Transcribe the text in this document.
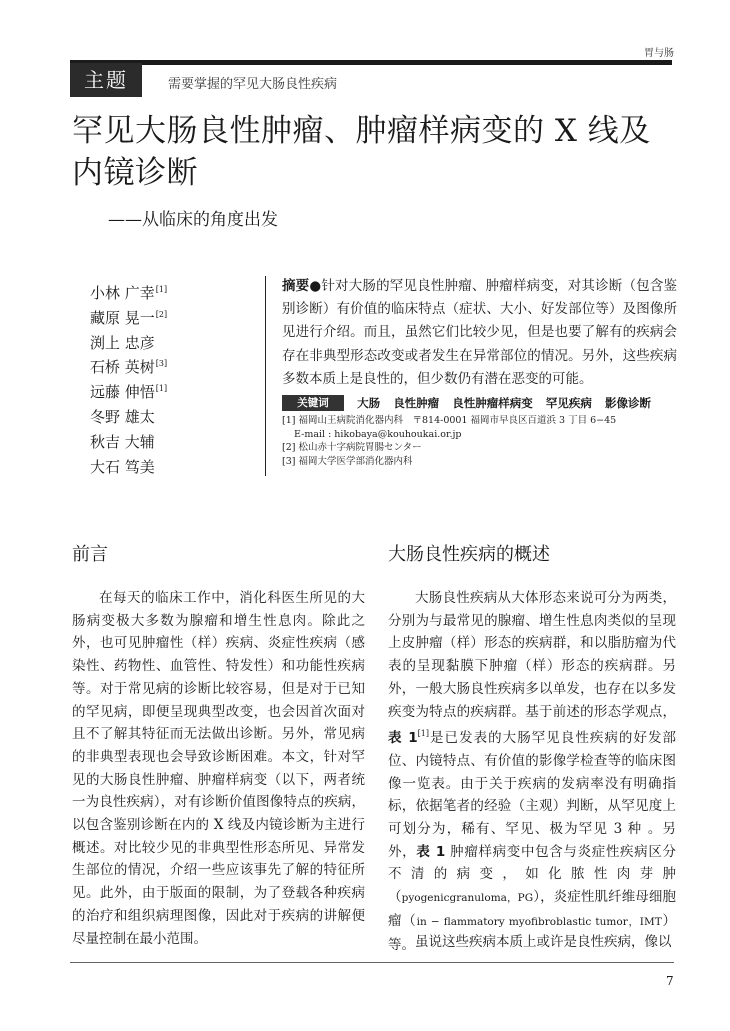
胃与肠
主题	需要掌握的罕见大肠良性疾病
罕见大肠良性肿瘤、肿瘤样病变的 X 线及内镜诊断
——从临床的角度出发
小林 广幸[1]
藏原 晃一[2]
渕上 忠彦
石桥 英树[3]
远藤 伸悟[1]
冬野 雄太
秋吉 大辅
大石 笃美

摘要●针对大肠的罕见良性肿瘤、肿瘤样病变，对其诊断（包含鉴别诊断）有价值的临床特点（症状、大小、好发部位等）及图像所见进行介绍。而且，虽然它们比较少见，但是也要了解有的疾病会存在非典型形态改变或者发生在异常部位的情况。另外，这些疾病多数本质上是良性的，但少数仍有潜在恶变的可能。

关键词 大肠 良性肿瘤 良性肿瘤样病变 罕见疾病 影像诊断
[1] 福岡山王病院消化器内科　〒814-0001 福岡市早良区百道浜 3 丁目 6−45
E-mail : hikobaya@kouhoukai.or.jp
[2] 松山赤十字病院胃腸センター
[3] 福岡大学医学部消化器内科
前言

在每天的临床工作中，消化科医生所见的大肠病变极大多数为腺瘤和增生性息肉。除此之外，也可见肿瘤性（样）疾病、炎症性疾病（感染性、药物性、血管性、特发性）和功能性疾病等。对于常见病的诊断比较容易，但是对于已知的罕见病，即便呈现典型改变，也会因首次面对且不了解其特征而无法做出诊断。另外，常见病的非典型表现也会导致诊断困难。本文，针对罕见的大肠良性肿瘤、肿瘤样病变（以下，两者统一为良性疾病），对有诊断价值图像特点的疾病，以包含鉴别诊断在内的 X 线及内镜诊断为主进行概述。对比较少见的非典型性形态所见、异常发生部位的情况，介绍一些应该事先了解的特征所见。此外，由于版面的限制，为了登载各种疾病的治疗和组织病理图像，因此对于疾病的讲解便尽量控制在最小范围。

大肠良性疾病的概述

大肠良性疾病从大体形态来说可分为两类，分别为与最常见的腺瘤、增生性息肉类似的呈现上皮肿瘤（样）形态的疾病群，和以脂肪瘤为代表的呈现黏膜下肿瘤（样）形态的疾病群。另外，一般大肠良性疾病多以单发，也存在以多发疾变为特点的疾病群。基于前述的形态学观点，表 1[1]是已发表的大肠罕见良性疾病的好发部位、内镜特点、有价值的影像学检查等的临床图像一览表。由于关于疾病的发病率没有明确指标，依据笔者的经验（主观）判断，从罕见度上可划分为，稀有、罕见、极为罕见 3 种 。另外，表 1 肿瘤样病变中包含与炎症性疾病区分不清的病变，如化脓性肉芽肿（pyogenicgranuloma，PG），炎症性肌纤维母细胞瘤（in − flammatory myofibroblastic tumor，IMT）等。 虽说这些疾病本质上或许是良性疾病，像以

7
